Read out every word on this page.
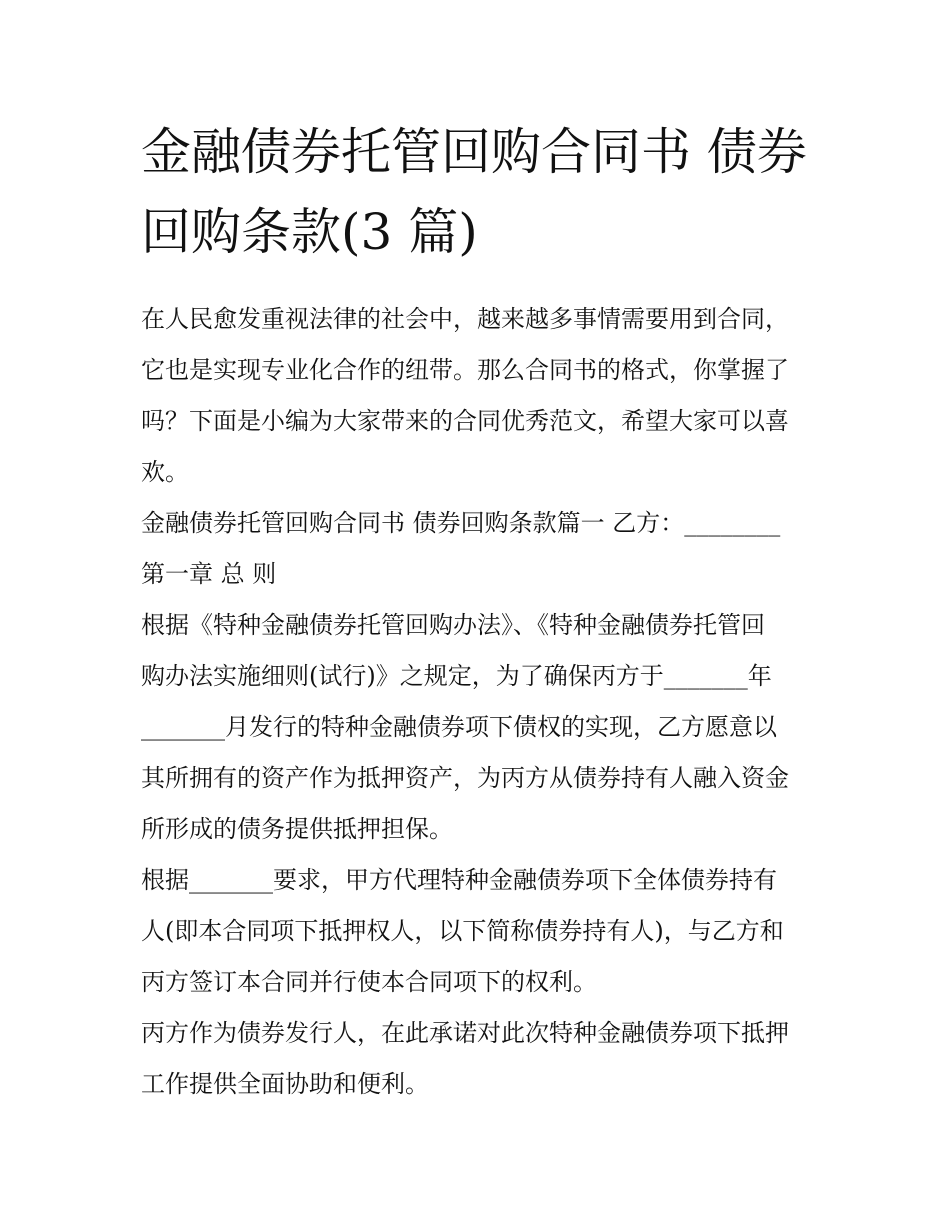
金融债券托管回购合同书 债券
回购条款(3 篇)

在人民愈发重视法律的社会中，越来越多事情需要用到合同，
它也是实现专业化合作的纽带。那么合同书的格式，你掌握了
吗？下面是小编为大家带来的合同优秀范文，希望大家可以喜
欢。

金融债券托管回购合同书 债券回购条款篇一 乙方：________

第一章 总 则

根据《特种金融债券托管回购办法》、《特种金融债券托管回
购办法实施细则(试行)》之规定，为了确保丙方于_______年
_______月发行的特种金融债券项下债权的实现，乙方愿意以
其所拥有的资产作为抵押资产，为丙方从债券持有人融入资金
所形成的债务提供抵押担保。

根据_______要求，甲方代理特种金融债券项下全体债券持有
人(即本合同项下抵押权人，以下简称债券持有人)，与乙方和
丙方签订本合同并行使本合同项下的权利。

丙方作为债券发行人，在此承诺对此次特种金融债券项下抵押
工作提供全面协助和便利。
